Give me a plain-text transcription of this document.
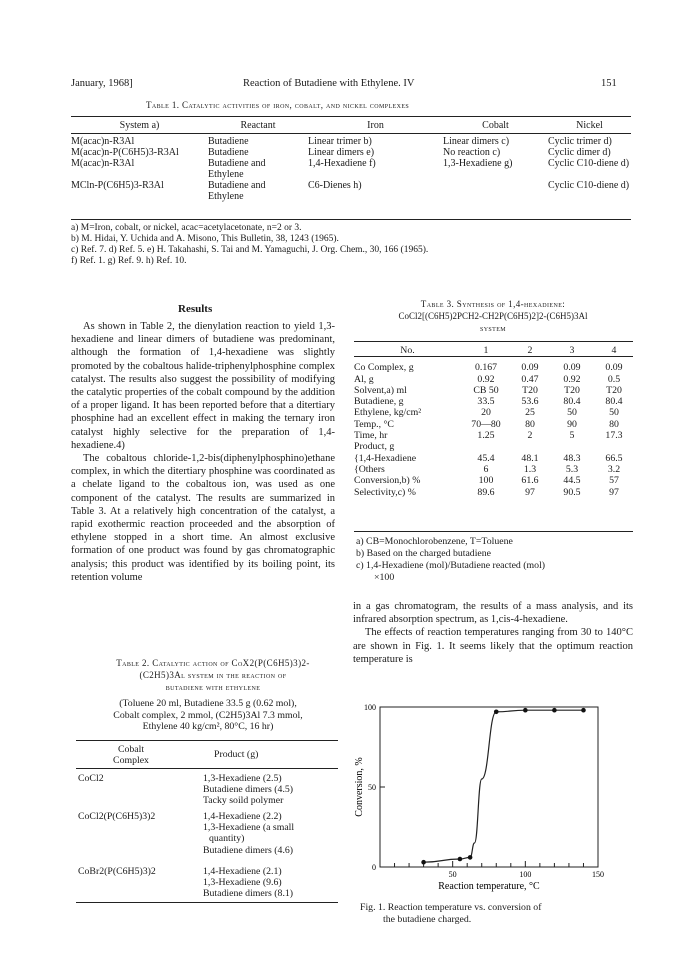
January, 1968]	Reaction of Butadiene with Ethylene. IV	151
Table 1. Catalytic activities of iron, cobalt, and nickel complexes
System a)	Reactant	Iron	Cobalt	Nickel

M(acac)n-R3Al	Butadiene	Linear trimer b)	Linear dimers c)	Cyclic trimer d)
M(acac)n-P(C6H5)3-R3Al	Butadiene	Linear dimers e)	No reaction c)	Cyclic dimer d)
M(acac)n-R3Al	Butadiene and Ethylene	1,4-Hexadiene f)	1,3-Hexadiene g)	Cyclic C10-diene d)
MCln-P(C6H5)3-R3Al	Butadiene and Ethylene	C6-Dienes h)		Cyclic C10-diene d)
a) M=Iron, cobalt, or nickel, acac=acetylacetonate, n=2 or 3.
b) M. Hidai, Y. Uchida and A. Misono, This Bulletin, 38, 1243 (1965).
c) Ref. 7. d) Ref. 5. e) H. Takahashi, S. Tai and M. Yamaguchi, J. Org. Chem., 30, 166 (1965).
f) Ref. 1. g) Ref. 9. h) Ref. 10.
Results
As shown in Table 2, the dienylation reaction to yield 1,3-hexadiene and linear dimers of butadiene was predominant, although the formation of 1,4-hexadiene was slightly promoted by the cobaltous halide-triphenylphosphine complex catalyst. The results also suggest the possibility of modifying the catalytic properties of the cobalt compound by the addition of a proper ligand. It has been reported before that a ditertiary phosphine had an excellent effect in making the ternary iron catalyst highly selective for the preparation of 1,4-hexadiene.4)
The cobaltous chloride-1,2-bis(diphenylphosphino)ethane complex, in which the ditertiary phosphine was coordinated as a chelate ligand to the cobaltous ion, was used as one component of the catalyst. The results are summarized in Table 3. At a relatively high concentration of the catalyst, a rapid exothermic reaction proceeded and the absorption of ethylene stopped in a short time. An almost exclusive formation of one product was found by gas chromatographic analysis; this product was identified by its boiling point, its retention volume
Table 2. Catalytic action of CoX2(P(C6H5)3)2-
(C2H5)3Al system in the reaction of
butadiene with ethylene
(Toluene 20 ml, Butadiene 33.5 g (0.62 mol),
Cobalt complex, 2 mmol, (C2H5)3Al 7.3 mmol,
Ethylene 40 kg/cm², 80°C, 16 hr)
Cobalt
Complex
Product (g)
CoCl2	1,3-Hexadiene (2.5)
Butadiene dimers (4.5)
Tacky soild polymer
CoCl2(P(C6H5)3)2	1,4-Hexadiene (2.2)
1,3-Hexadiene (a small
quantity)
Butadiene dimers (4.6)
CoBr2(P(C6H5)3)2	1,4-Hexadiene (2.1)
1,3-Hexadiene (9.6)
Butadiene dimers (8.1)
Table 3. Synthesis of 1,4-hexadiene:
CoCl2[(C6H5)2PCH2-CH2P(C6H5)2]2-(C6H5)3Al
system
No.	1	2	3	4

Co Complex, g	0.167	0.09	0.09	0.09
Al, g	0.92	0.47	0.92	0.5
Solvent,a) ml	CB 50	T20	T20	T20
Butadiene, g	33.5	53.6	80.4	80.4
Ethylene, kg/cm²	20	25	50	50
Temp., °C	70—80	80	90	80
Time, hr	1.25	2	5	17.3
Product, g				
{1,4-Hexadiene	45.4	48.1	48.3	66.5
{Others	6	1.3	5.3	3.2
Conversion,b) %	100	61.6	44.5	57
Selectivity,c) %	89.6	97	90.5	97
a) CB=Monochlorobenzene, T=Toluene
b) Based on the charged butadiene
c) 1,4-Hexadiene (mol)/Butadiene reacted (mol)
×100
in a gas chromatogram, the results of a mass analysis, and its infrared absorption spectrum, as 1,cis-4-hexadiene.
The effects of reaction temperatures ranging from 30 to 140°C are shown in Fig. 1. It seems likely that the optimum reaction temperature is
0
50
100
50	100	150
Conversion, %
Reaction temperature, °C
Fig. 1. Reaction temperature vs. conversion of
the butadiene charged.
